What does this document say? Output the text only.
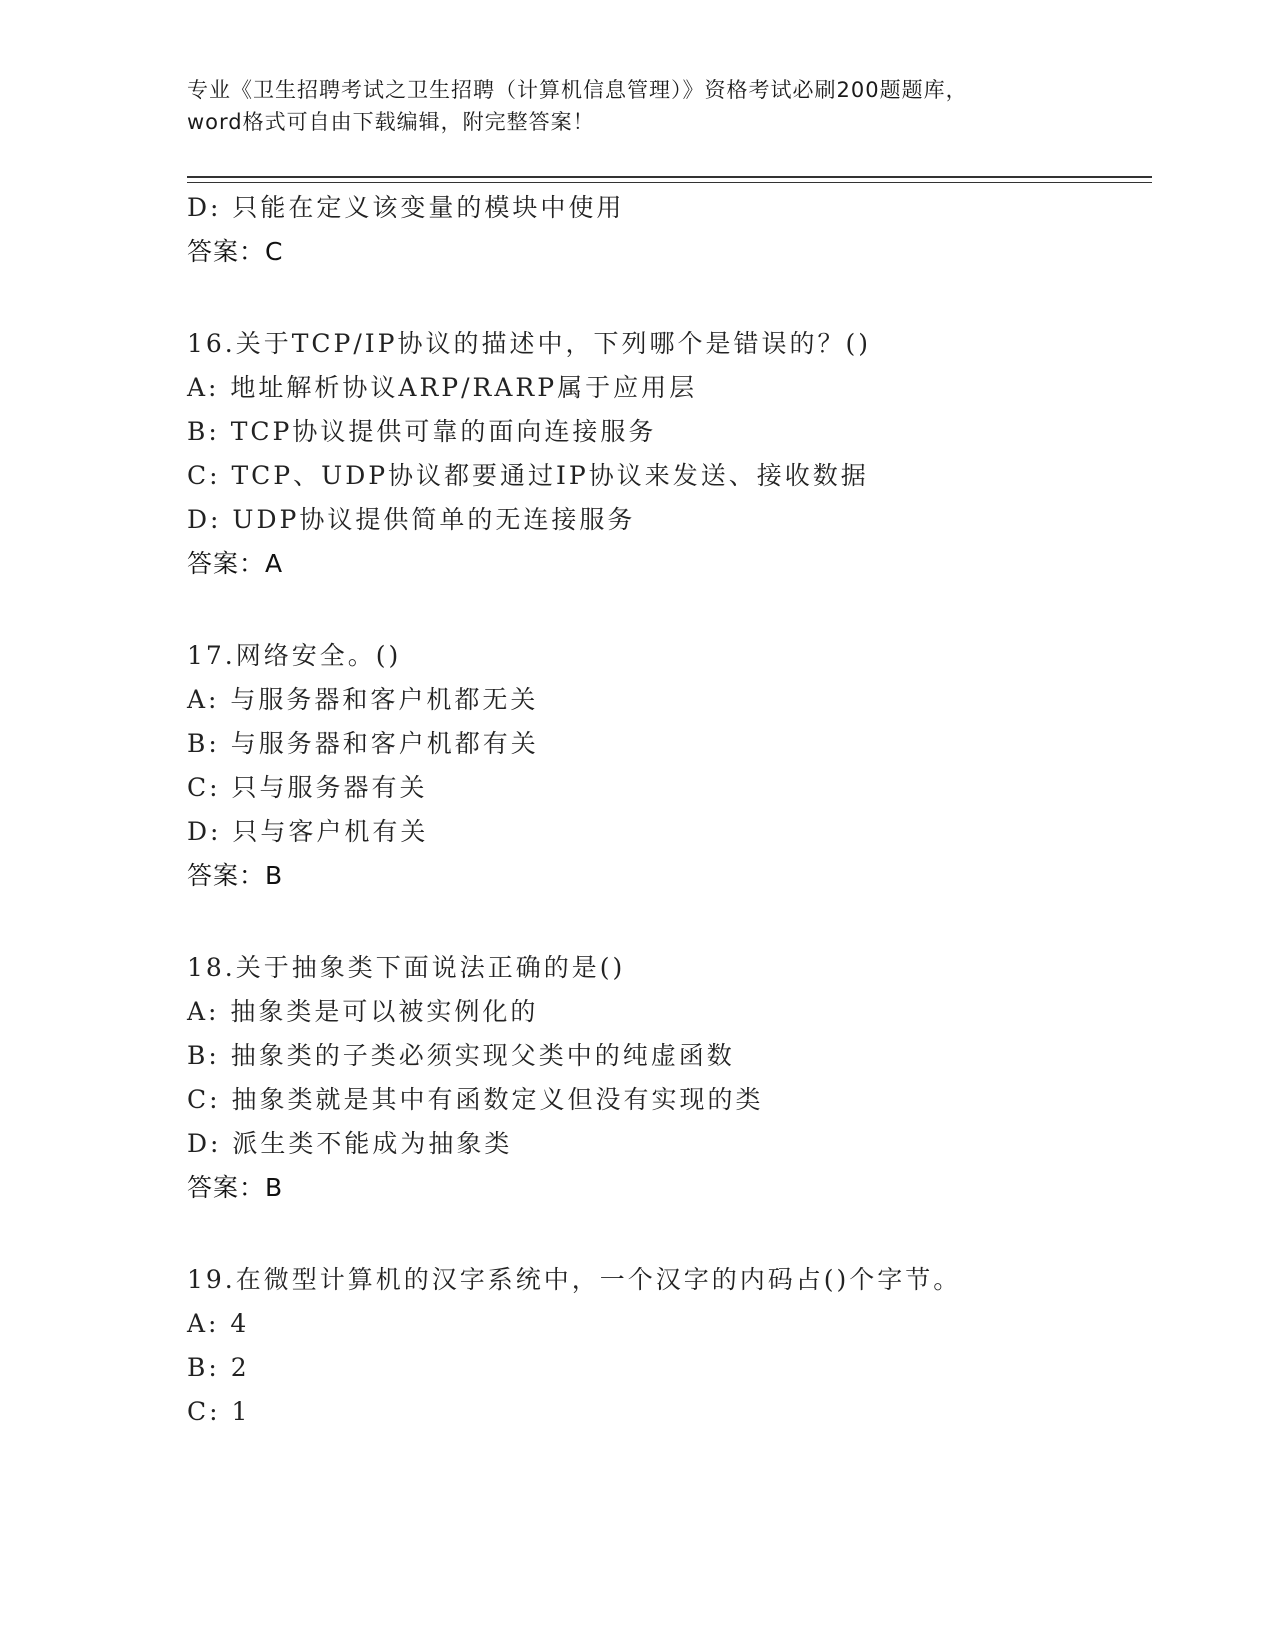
专业《卫生招聘考试之卫生招聘（计算机信息管理）》资格考试必刷200题题库，
word格式可自由下载编辑，附完整答案！
D: 只能在定义该变量的模块中使用
答案：C
16.关于TCP/IP协议的描述中，下列哪个是错误的？()
A: 地址解析协议ARP/RARP属于应用层
B: TCP协议提供可靠的面向连接服务
C: TCP、UDP协议都要通过IP协议来发送、接收数据
D: UDP协议提供简单的无连接服务
答案：A
17.网络安全。()
A: 与服务器和客户机都无关
B: 与服务器和客户机都有关
C: 只与服务器有关
D: 只与客户机有关
答案：B
18.关于抽象类下面说法正确的是()
A: 抽象类是可以被实例化的
B: 抽象类的子类必须实现父类中的纯虚函数
C: 抽象类就是其中有函数定义但没有实现的类
D: 派生类不能成为抽象类
答案：B
19.在微型计算机的汉字系统中，一个汉字的内码占()个字节。
A: 4
B: 2
C: 1
